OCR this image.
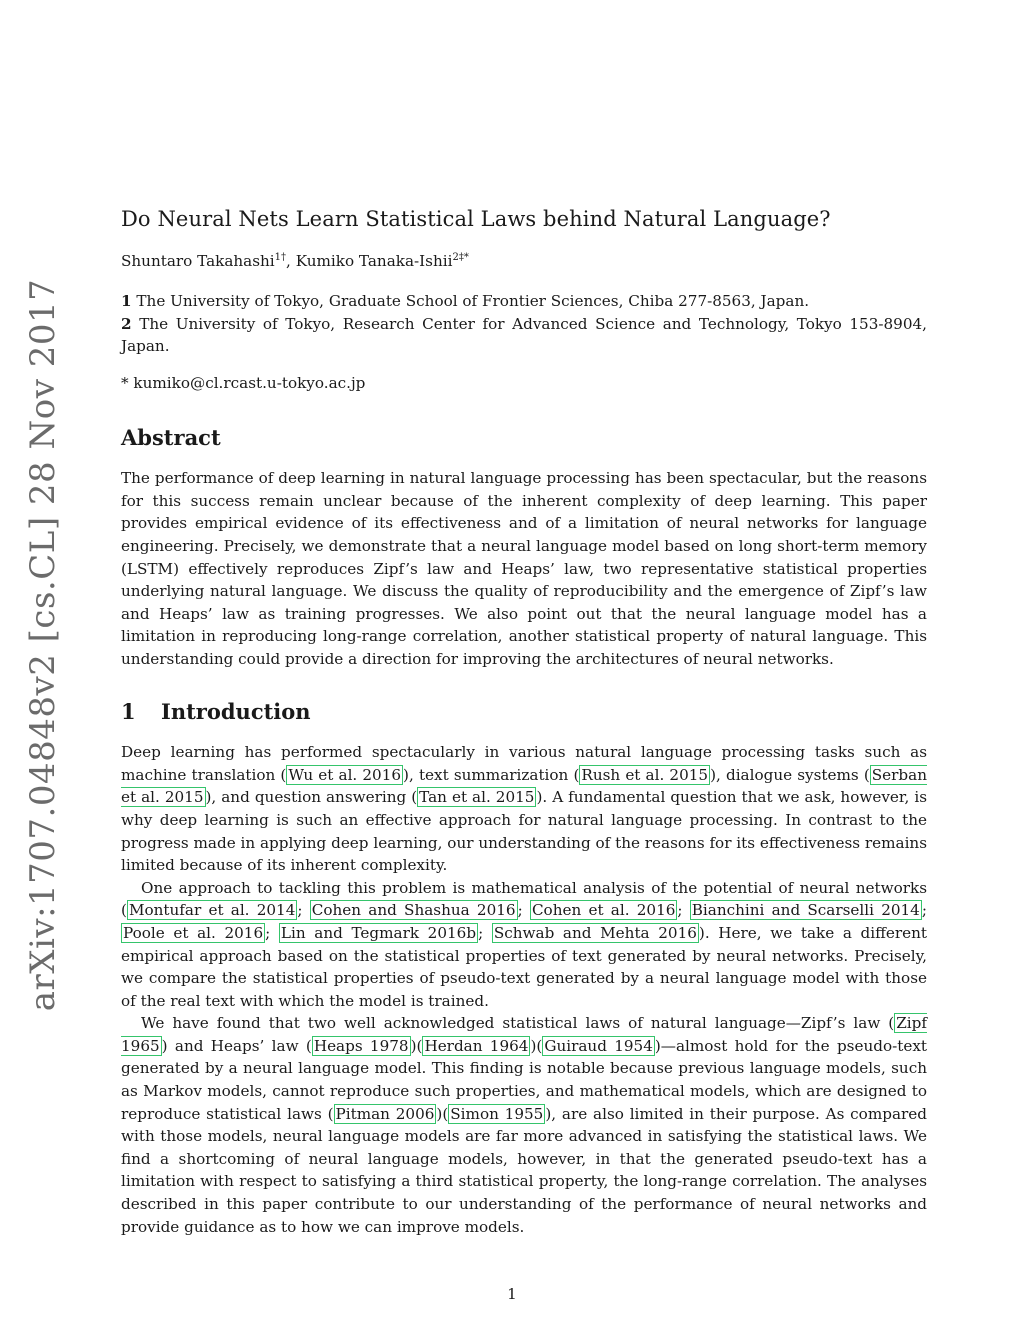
arXiv:1707.04848v2 [cs.CL] 28 Nov 2017
Do Neural Nets Learn Statistical Laws behind Natural Language?
Shuntaro Takahashi$^{1\dagger}$, Kumiko Tanaka-Ishii$^{2\ddagger*}$

1 The University of Tokyo, Graduate School of Frontier Sciences, Chiba 277-8563, Japan.

2 The University of Tokyo, Research Center for Advanced Science and Technology, Tokyo 153-8904, Japan.

* kumiko@cl.rcast.u-tokyo.ac.jp

Abstract

The performance of deep learning in natural language processing has been spectacular, but the reasons for this success remain unclear because of the inherent complexity of deep learning. This paper provides empirical evidence of its effectiveness and of a limitation of neural networks for language engineering. Precisely, we demonstrate that a neural language model based on long short-term memory (LSTM) effectively reproduces Zipf’s law and Heaps’ law, two representative statistical properties underlying natural language. We discuss the quality of reproducibility and the emergence of Zipf’s law and Heaps’ law as training progresses. We also point out that the neural language model has a limitation in reproducing long-range correlation, another statistical property of natural language. This understanding could provide a direction for improving the architectures of neural networks.

1 Introduction

Deep learning has performed spectacularly in various natural language processing tasks such as machine translation ( Wu et al. 2016 ), text summarization ( Rush et al. 2015 ), dialogue systems ( Serban et al. 2015 ), and question answering ( Tan et al. 2015 ). A fundamental question that we ask, however, is why deep learning is such an effective approach for natural language processing. In contrast to the progress made in applying deep learning, our understanding of the reasons for its effectiveness remains limited because of its inherent complexity.

One approach to tackling this problem is mathematical analysis of the potential of neural networks ( Montufar et al. 2014 ; Cohen and Shashua 2016 ; Cohen et al. 2016 ; Bianchini and Scarselli 2014 ; Poole et al. 2016 ; Lin and Tegmark 2016b ; Schwab and Mehta 2016 ). Here, we take a different empirical approach based on the statistical properties of text generated by neural networks. Precisely, we compare the statistical properties of pseudo-text generated by a neural language model with those of the real text with which the model is trained.

We have found that two well acknowledged statistical laws of natural language—Zipf’s law ( Zipf 1965 ) and Heaps’ law ( Heaps 1978 )( Herdan 1964 )( Guiraud 1954 )—almost hold for the pseudo-text generated by a neural language model. This finding is notable because previous language models, such as Markov models, cannot reproduce such properties, and mathematical models, which are designed to reproduce statistical laws ( Pitman 2006 )( Simon 1955 ), are also limited in their purpose. As compared with those models, neural language models are far more advanced in satisfying the statistical laws. We find a shortcoming of neural language models, however, in that the generated pseudo-text has a limitation with respect to satisfying a third statistical property, the long-range correlation. The analyses described in this paper contribute to our understanding of the performance of neural networks and provide guidance as to how we can improve models.

1
